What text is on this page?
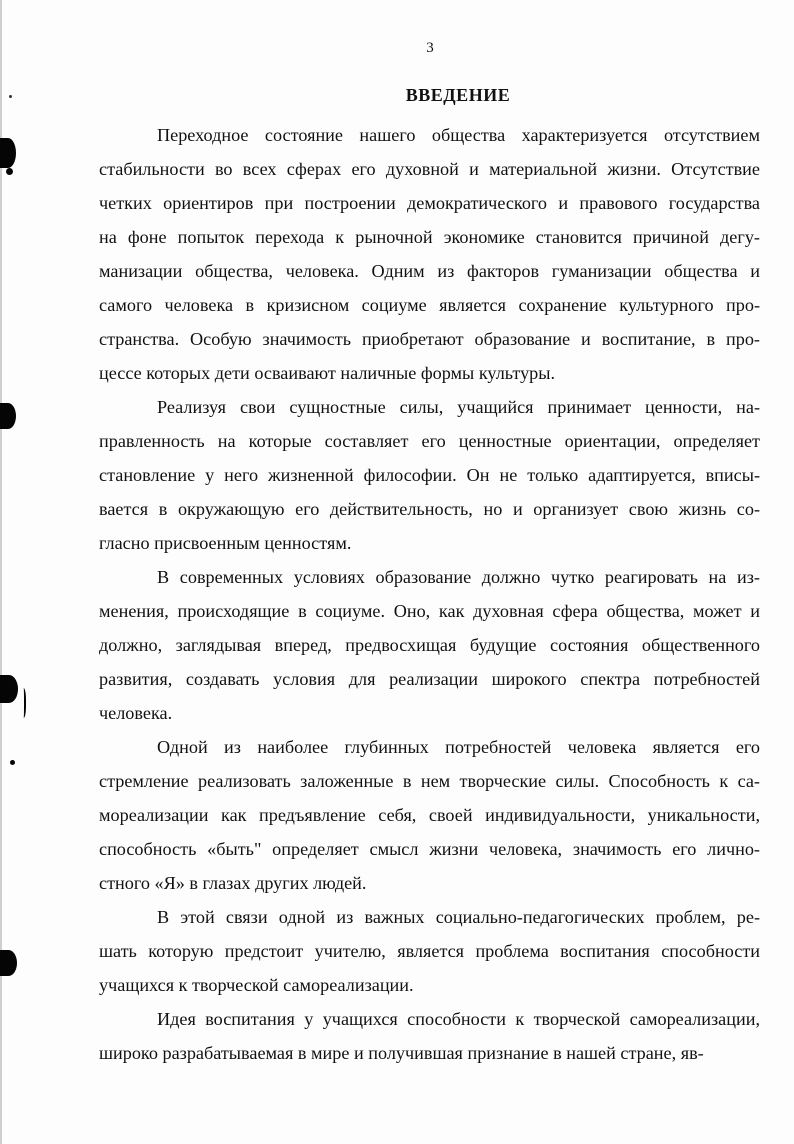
3
ВВЕДЕНИЕ
Переходное состояние нашего общества характеризуется отсутствием
стабильности во всех сферах его духовной и материальной жизни. Отсутствие
четких ориентиров при построении демократического и правового государства
на фоне попыток перехода к рыночной экономике становится причиной дегу-
манизации общества, человека. Одним из факторов гуманизации общества и
самого человека в кризисном социуме является сохранение культурного про-
странства. Особую значимость приобретают образование и воспитание, в про-
цессе которых дети осваивают наличные формы культуры.
Реализуя свои сущностные силы, учащийся принимает ценности, на-
правленность на которые составляет его ценностные ориентации, определяет
становление у него жизненной философии. Он не только адаптируется, вписы-
вается в окружающую его действительность, но и организует свою жизнь со-
гласно присвоенным ценностям.
В современных условиях образование должно чутко реагировать на из-
менения, происходящие в социуме. Оно, как духовная сфера общества, может и
должно, заглядывая вперед, предвосхищая будущие состояния общественного
развития, создавать условия для реализации широкого спектра потребностей
человека.
Одной из наиболее глубинных потребностей человека является его
стремление реализовать заложенные в нем творческие силы. Способность к са-
мореализации как предъявление себя, своей индивидуальности, уникальности,
способность «быть" определяет смысл жизни человека, значимость его лично-
стного «Я» в глазах других людей.
В этой связи одной из важных социально-педагогических проблем, ре-
шать которую предстоит учителю, является проблема воспитания способности
учащихся к творческой самореализации.
Идея воспитания у учащихся способности к творческой самореализации,
широко разрабатываемая в мире и получившая признание в нашей стране, яв-
